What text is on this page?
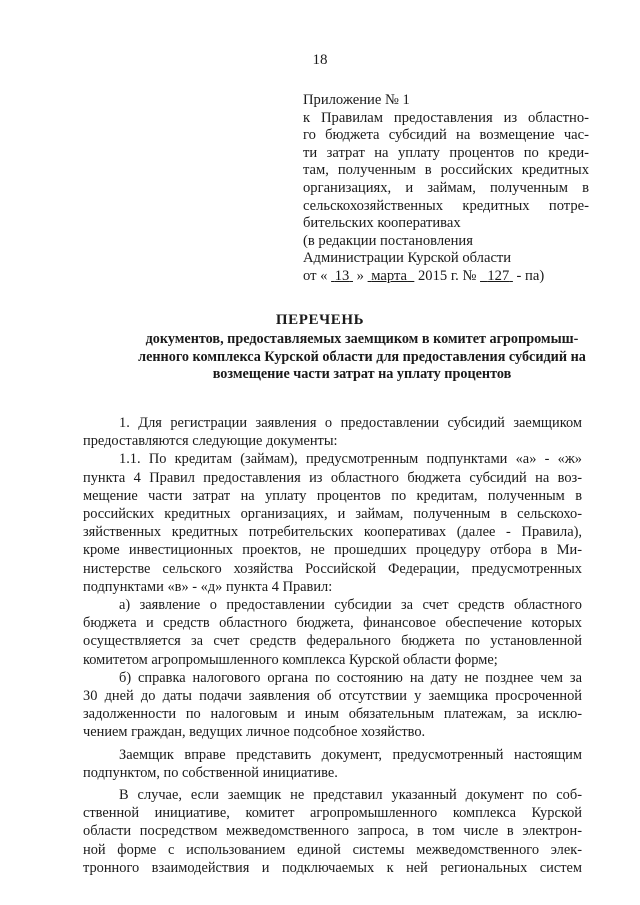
18
Приложение № 1
к Правилам предоставления из областно-
го бюджета субсидий на возмещение час-
ти затрат на уплату процентов по креди-
там, полученным в российских кредитных
организациях, и займам, полученным в
сельскохозяйственных кредитных потре-
бительских кооперативах
(в редакции постановления
Администрации Курской области
от « 13 » марта 2015 г. № 127 - па)
ПЕРЕЧЕНЬ
документов, предоставляемых заемщиком в комитет агропромыш-
ленного комплекса Курской области для предоставления субсидий на
возмещение части затрат на уплату процентов
1. Для регистрации заявления о предоставлении субсидий заемщиком
предоставляются следующие документы:
1.1. По кредитам (займам), предусмотренным подпунктами «а» - «ж»
пункта 4 Правил предоставления из областного бюджета субсидий на воз-
мещение части затрат на уплату процентов по кредитам, полученным в
российских кредитных организациях, и займам, полученным в сельскохо-
зяйственных кредитных потребительских кооперативах (далее - Правила),
кроме инвестиционных проектов, не прошедших процедуру отбора в Ми-
нистерстве сельского хозяйства Российской Федерации, предусмотренных
подпунктами «в» - «д» пункта 4 Правил:
а) заявление о предоставлении субсидии за счет средств областного
бюджета и средств областного бюджета, финансовое обеспечение которых
осуществляется за счет средств федерального бюджета по установленной
комитетом агропромышленного комплекса Курской области форме;
б) справка налогового органа по состоянию на дату не позднее чем за
30 дней до даты подачи заявления об отсутствии у заемщика просроченной
задолженности по налоговым и иным обязательным платежам, за исклю-
чением граждан, ведущих личное подсобное хозяйство.
Заемщик вправе представить документ, предусмотренный настоящим
подпунктом, по собственной инициативе.
В случае, если заемщик не представил указанный документ по соб-
ственной инициативе, комитет агропромышленного комплекса Курской
области посредством межведомственного запроса, в том числе в электрон-
ной форме с использованием единой системы межведомственного элек-
тронного взаимодействия и подключаемых к ней региональных систем
